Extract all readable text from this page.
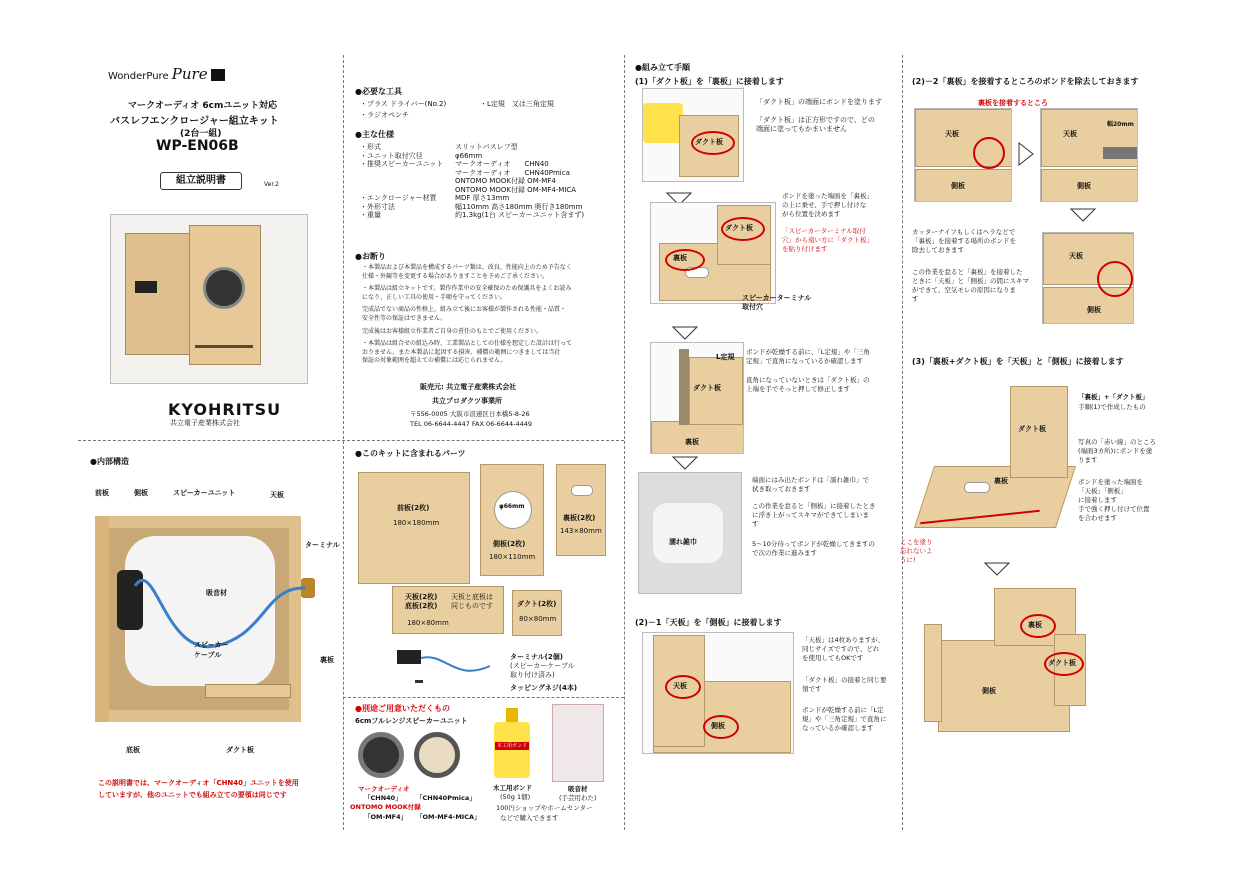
WonderPure Pure
マークオーディオ 6cmユニット対応
バスレフエンクロージャー組立キット
(2台一組)
WP-EN06B
組立説明書	Ver.2
KYOHRITSU
共立電子産業株式会社
●必要な工具
・プラス ドライバー(No.2)	・L定規　又は三角定規
・ラジオペンチ
●主な仕様
・形式	スリットバスレフ型
・ユニット取付穴径	φ66mm
・推奨スピーカーユニット マークオーディオ　　CHN40
マークオーディオ　　CHN40Pmica
ONTOMO MOOK付録 OM-MF4
ONTOMO MOOK付録 OM-MF4-MICA
・エンクロージャー材質	MDF 厚さ13mm
・外形寸法	幅110mm 高さ180mm 奥行き180mm
・重量	約1.3kg(1台 スピーカーユニット含まず)
●お断り
・本製品および本製品を構成するパーツ類は、改良、性能向上のため予告なく
仕様・外観等を変更する場合がありますことを予めご了承ください。
・本製品は組立キットです。製作作業中の安全確保のため保護具をよくお読み
になり、正しい工具の使用・手順を守ってください。
完成品でない商品の性格上、組み立て後にお客様が製作される性能・品質・
安全性等の保証はできません。
完成後はお客様組立作業者ご自身の責任のもとでご使用ください。
・本製品は組合せの組込み時、工業製品としての仕様を想定した設計は行って
おりません。また本製品に起因する損害、補償の範囲につきましては当社
保証の対象範囲を超えての補償には応じられません。
販売元: 共立電子産業株式会社
共立プロダクツ事業所
〒556-0005 大阪市浪速区日本橋5-8-26
TEL 06-6644-4447 FAX 06-6644-4449
●内部構造
前板	側板	スピーカーユニット	天板
ターミナル
吸音材
スピーカー
ケーブル
裏板
底板	ダクト板
この説明書では、マークオーディオ「CHN40」ユニットを使用
していますが、他のユニットでも組み立ての要領は同じです
●このキットに含まれるパーツ
前板(2枚)
180×180mm
φ66mm
側板(2枚)
180×110mm
裏板(2枚)
143×80mm
天板(2枚)
底板(2枚)
天板と底板は
同じものです
180×80mm
ダクト(2枚)
80×80mm
ターミナル(2個)
(スピーカーケーブル
取り付け済み)
タッピングネジ(4本)
●別途ご用意いただくもの
6cmフルレンジスピーカーユニット
マークオーディオ
「CHN40」 「CHN40Pmica」
ONTOMO MOOK付録
「OM-MF4」 「OM-MF4-MICA」
木工用ボンド
木工用ボンド
(50g 1個)
吸音材
(手芸用わた)
100円ショップやホームセンター
などで購入できます
●組み立て手順
(1)「ダクト板」を「裏板」に接着します
ダクト板
「ダクト板」の端面にボンドを塗ります
「ダクト板」は正方形ですので、どの
端面に塗ってもかまいません
ダクト板
裏板
ボンドを塗った端面を「裏板」
の上に乗せ、手で押し付けな
がら位置を決めます
「スピーカーターミナル取付
穴」から遠い方に「ダクト板」
を貼り付けます
スピーカーターミナル
取付穴
ダクト板
裏板
L定規
ボンドが乾燥する前に、「L定規」や「三角
定規」で直角になっているか確認します
直角になっていないときは「ダクト板」の
上端を手でそっと押して修正します
濡れ雑巾
端面にはみ出たボンドは「濡れ雑巾」で
拭き取っておきます
この作業を怠ると「側板」に接着したとき
に浮き上がってスキマができてしまいま
す
5～10分待ってボンドが乾燥してきますの
で次の作業に進みます
(2)－1「天板」を「側板」に接着します
天板
側板
「天板」は4枚ありますが、
同じサイズですので、どれ
を使用してもOKです
「ダクト板」の接着と同じ要
領です
ボンドが乾燥する前に「L定
規」や「三角定規」で直角に
なっているか確認します
(2)－2「裏板」を接着するところのボンドを除去しておきます
裏板を接着するところ
天板
側板
天板
幅20mm
側板
カッターナイフもしくはヘラなどで
「裏板」を接着する場所のボンドを
除去しておきます
この作業を怠ると「裏板」を接着した
ときに「天板」と「側板」の間にスキマ
ができて、空気モレの原因になりま
す
天板
側板
(3)「裏板+ダクト板」を「天板」と「側板」に接着します
「裏板」+「ダクト板」
手順(1)で作成したもの
ダクト板
裏板
写真の「赤い線」のところ
(端面3カ所)にボンドを塗
ります
ボンドを塗った端面を
「天板」「側板」
に接着します
手で強く押し付けて位置
を合わせます
ここを塗り
忘れないよ
うに!
裏板
ダクト板
側板
